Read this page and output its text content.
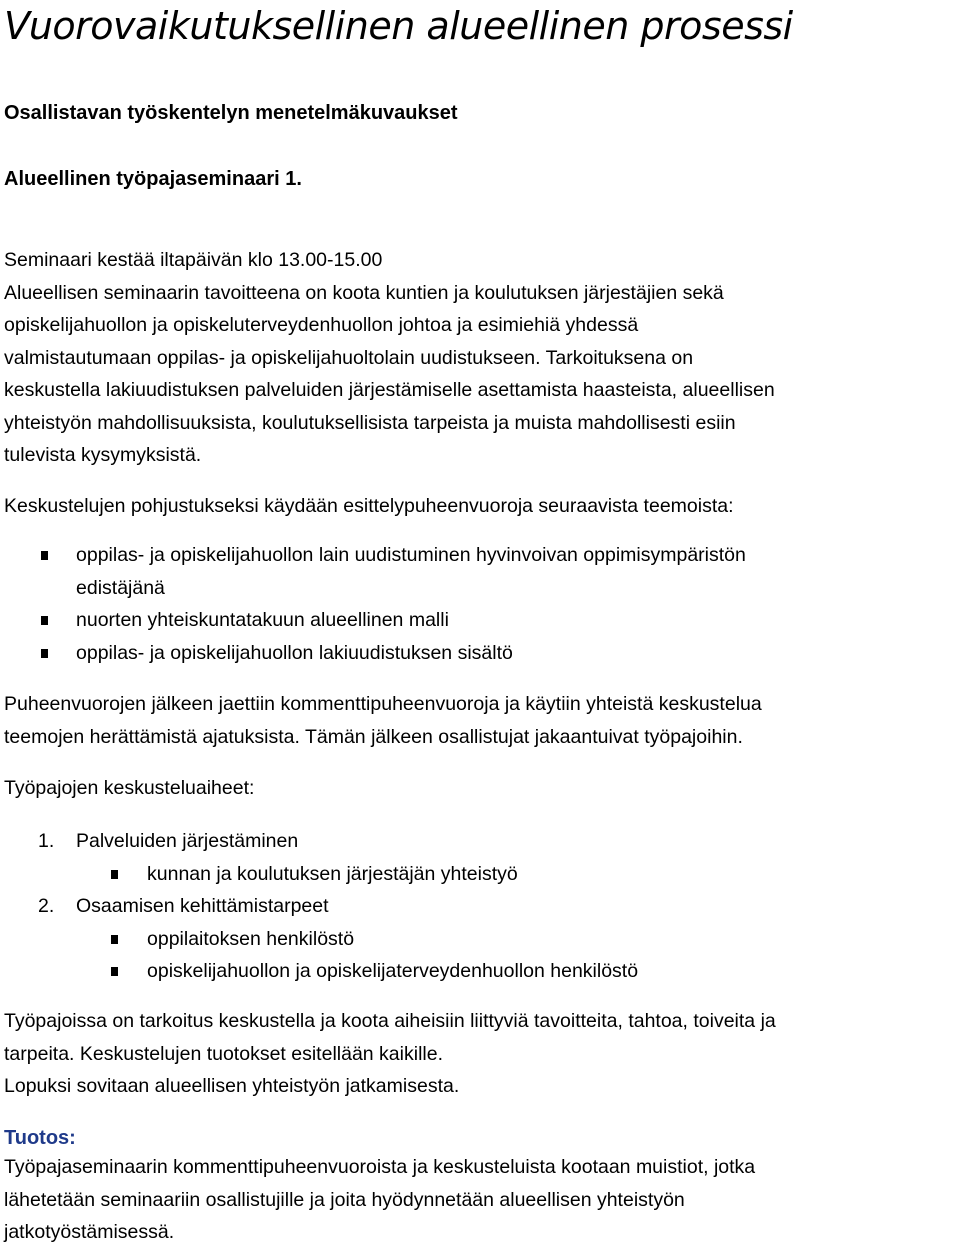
Vuorovaikutuksellinen alueellinen prosessi

Osallistavan työskentelyn menetelmäkuvaukset

Alueellinen työpajaseminaari 1.

Seminaari kestää iltapäivän klo 13.00-15.00
Alueellisen seminaarin tavoitteena on koota kuntien ja koulutuksen järjestäjien sekä
opiskelijahuollon ja opiskeluterveydenhuollon johtoa ja esimiehiä yhdessä
valmistautumaan oppilas- ja opiskelijahuoltolain uudistukseen. Tarkoituksena on
keskustella lakiuudistuksen palveluiden järjestämiselle asettamista haasteista, alueellisen
yhteistyön mahdollisuuksista, koulutuksellisista tarpeista ja muista mahdollisesti esiin
tulevista kysymyksistä.

Keskustelujen pohjustukseksi käydään esittelypuheenvuoroja seuraavista teemoista:

oppilas- ja opiskelijahuollon lain uudistuminen hyvinvoivan oppimisympäristön
edistäjänä
nuorten yhteiskuntatakuun alueellinen malli
oppilas- ja opiskelijahuollon lakiuudistuksen sisältö
Puheenvuorojen jälkeen jaettiin kommenttipuheenvuoroja ja käytiin yhteistä keskustelua
teemojen herättämistä ajatuksista. Tämän jälkeen osallistujat jakaantuivat työpajoihin.

Työpajojen keskusteluaiheet:

1. Palveluiden järjestäminen
kunnan ja koulutuksen järjestäjän yhteistyö
2. Osaamisen kehittämistarpeet
oppilaitoksen henkilöstö
opiskelijahuollon ja opiskelijaterveydenhuollon henkilöstö
Työpajoissa on tarkoitus keskustella ja koota aiheisiin liittyviä tavoitteita, tahtoa, toiveita ja
tarpeita. Keskustelujen tuotokset esitellään kaikille.
Lopuksi sovitaan alueellisen yhteistyön jatkamisesta.

Tuotos:

Työpajaseminaarin kommenttipuheenvuoroista ja keskusteluista kootaan muistiot, jotka
lähetetään seminaariin osallistujille ja joita hyödynnetään alueellisen yhteistyön
jatkotyöstämisessä.
